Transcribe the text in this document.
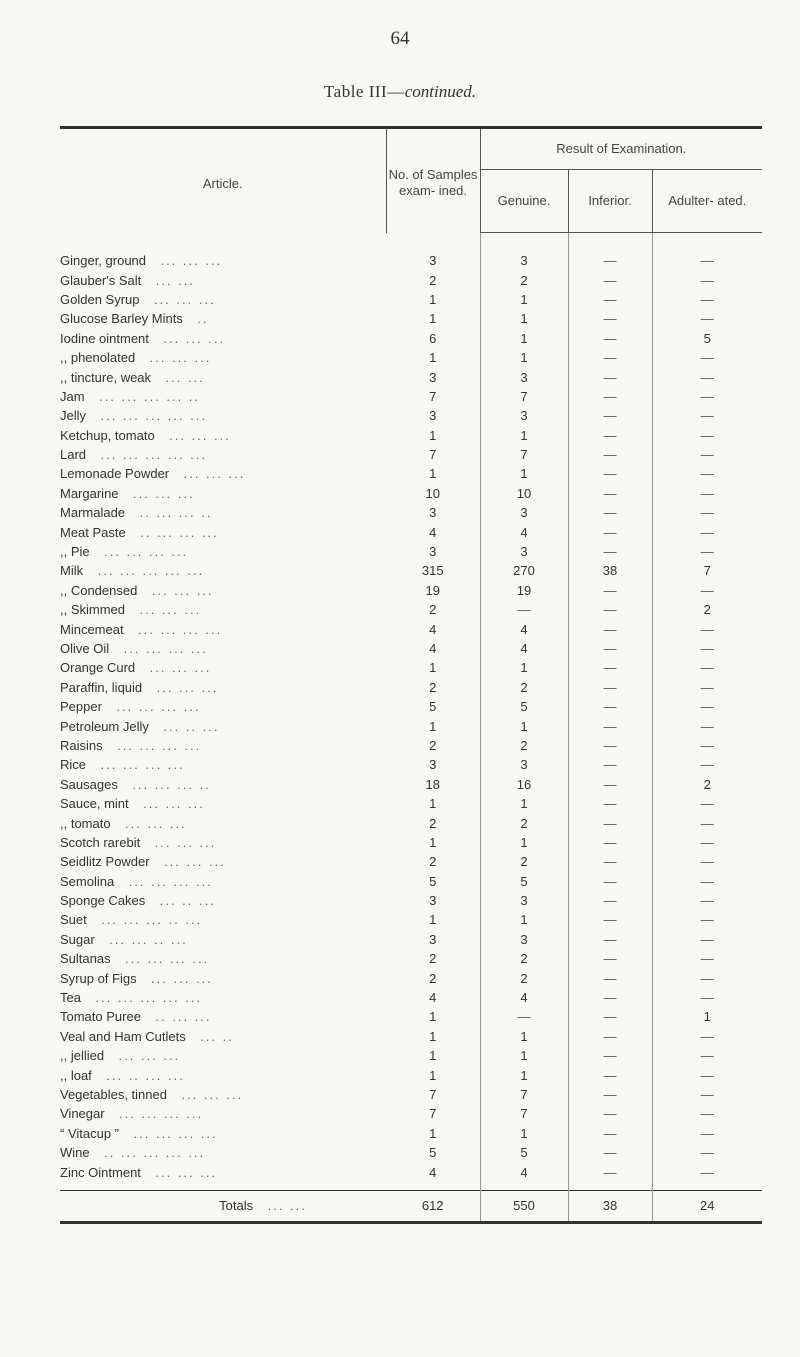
64
Table III—continued.
Article.	No. of Samples exam- ined.	Result of Examination.		
		Genuine.	Inferior.	Adulter- ated.

Ginger, ground ... ... ...	3	3	—	—
Glauber's Salt ... ...	2	2	—	—
Golden Syrup ... ... ...	1	1	—	—
Glucose Barley Mints ..	1	1	—	—
Iodine ointment ... ... ...	6	1	—	5
,, phenolated ... ... ...	1	1	—	—
,, tincture, weak ... ...	3	3	—	—
Jam ... ... ... ... ..	7	7	—	—
Jelly ... ... ... ... ...	3	3	—	—
Ketchup, tomato ... ... ...	1	1	—	—
Lard ... ... ... ... ...	7	7	—	—
Lemonade Powder ... ... ...	1	1	—	—
Margarine ... ... ...	10	10	—	—
Marmalade .. ... ... ..	3	3	—	—
Meat Paste .. ... ... ...	4	4	—	—
,, Pie ... ... ... ...	3	3	—	—
Milk ... ... ... ... ...	315	270	38	7
,, Condensed ... ... ...	19	19	—	—
,, Skimmed ... ... ...	2	—	—	2
Mincemeat ... ... ... ...	4	4	—	—
Olive Oil ... ... ... ...	4	4	—	—
Orange Curd ... ... ...	1	1	—	—
Paraffin, liquid ... ... ...	2	2	—	—
Pepper ... ... ... ...	5	5	—	—
Petroleum Jelly ... .. ...	1	1	—	—
Raisins ... ... ... ...	2	2	—	—
Rice ... ... ... ...	3	3	—	—
Sausages ... ... ... ..	18	16	—	2
Sauce, mint ... ... ...	1	1	—	—
,, tomato ... ... ...	2	2	—	—
Scotch rarebit ... ... ...	1	1	—	—
Seidlitz Powder ... ... ...	2	2	—	—
Semolina ... ... ... ...	5	5	—	—
Sponge Cakes ... .. ...	3	3	—	—
Suet ... ... ... .. ...	1	1	—	—
Sugar ... ... .. ...	3	3	—	—
Sultanas ... ... ... ...	2	2	—	—
Syrup of Figs ... ... ...	2	2	—	—
Tea ... ... ... ... ...	4	4	—	—
Tomato Puree .. ... ...	1	—	—	1
Veal and Ham Cutlets ... ..	1	1	—	—
,, jellied ... ... ...	1	1	—	—
,, loaf ... .. ... ...	1	1	—	—
Vegetables, tinned ... ... ...	7	7	—	—
Vinegar ... ... ... ...	7	7	—	—
“ Vitacup ” ... ... ... ...	1	1	—	—
Wine .. ... ... ... ...	5	5	—	—
Zinc Ointment ... ... ...	4	4	—	—

Totals ... ...	612	550	38	24
